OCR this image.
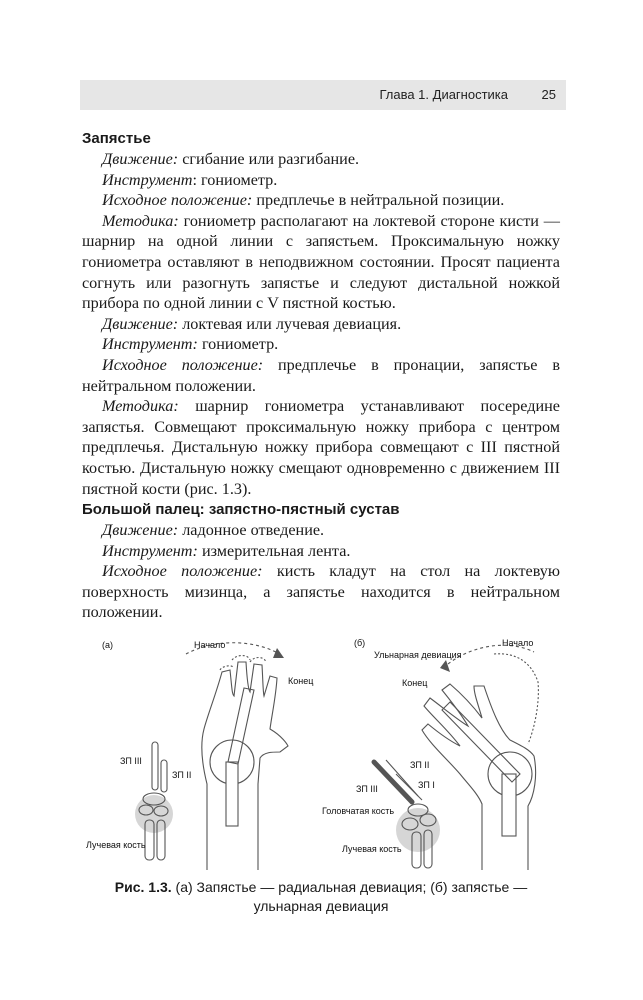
Глава 1. Диагностика	25
Запястье

Движение: сгибание или разгибание.

Инструмент: гониометр.

Исходное положение: предплечье в нейтральной позиции.

Методика: гониометр располагают на локтевой стороне кисти — шарнир на одной линии с запястьем. Проксимальную ножку гониометра оставляют в неподвижном состоянии. Просят пациента согнуть или разогнуть запястье и следуют дистальной ножкой прибора по одной линии с V пястной костью.

Движение: локтевая или лучевая девиация.

Инструмент: гониометр.

Исходное положение: предплечье в пронации, запястье в нейтральном положении.

Методика: шарнир гониометра устанавливают посередине запястья. Совмещают проксимальную ножку прибора с центром предплечья. Дистальную ножку прибора совмещают с III пястной костью. Дистальную ножку смещают одновременно с движением III пястной кости (рис. 1.3).

Большой палец: запястно-пястный сустав

Движение: ладонное отведение.

Инструмент: измерительная лента.

Исходное положение: кисть кладут на стол на локтевую поверхность мизинца, а запястье находится в нейтральном положении.

(а)	Начало
Конец
ЗП III
ЗП II
Лучевая кость
(б)
Ульнарная девиация
Начало
Конец
ЗП II
ЗП I
ЗП III
Головчатая кость
Лучевая кость
Рис. 1.3. (а) Запястье — радиальная девиация; (б) запястье — ульнарная девиация
